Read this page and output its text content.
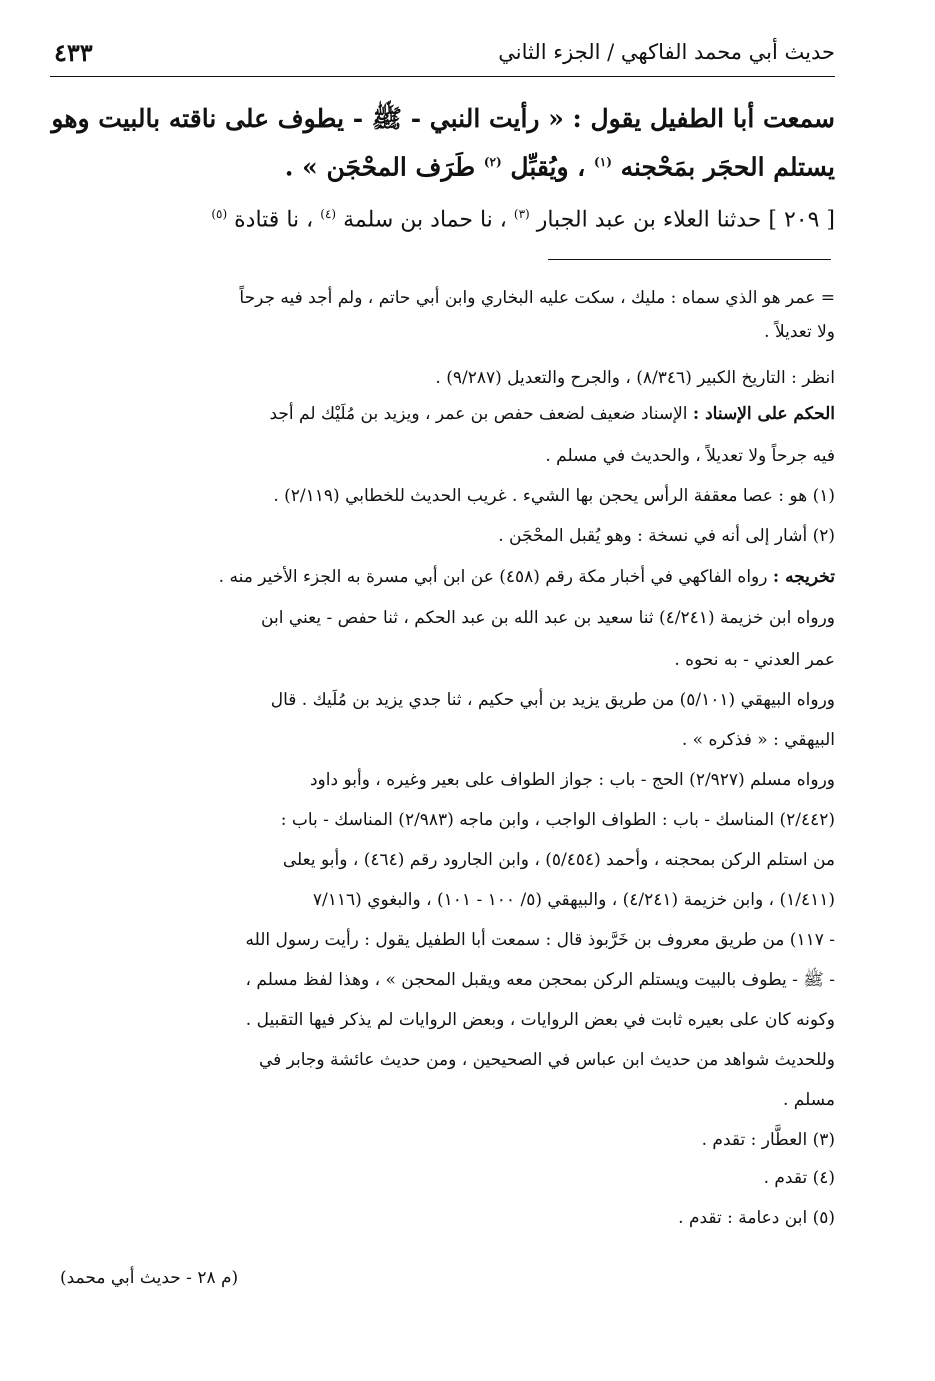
حديث أبي محمد الفاكهي / الجزء الثاني
٤٣٣
سمعت أبا الطفيل يقول : « رأيت النبي - ﷺ - يطوف على ناقته بالبيت وهو
يستلم الحجَر بمَحْجنه $^{(١)}$ ، ويُقبِّل $^{(٢)}$ طَرَف المحْجَن » .
[ ٢٠٩ ] حدثنا العلاء بن عبد الجبار $^{(٣)}$ ، نا حماد بن سلمة $^{(٤)}$ ، نا قتادة $^{(٥)}$
= عمر هو الذي سماه : مليك ، سكت عليه البخاري وابن أبي حاتم ، ولم أجد فيه جرحاً
ولا تعديلاً .
انظر : التاريخ الكبير (٨/٣٤٦) ، والجرح والتعديل (٩/٢٨٧) .
الحكم على الإسناد : الإسناد ضعيف لضعف حفص بن عمر ، ويزيد بن مُلَيْك لم أجد
فيه جرحاً ولا تعديلاً ، والحديث في مسلم .
(١) هو : عصا معقفة الرأس يحجن بها الشيء . غريب الحديث للخطابي (٢/١١٩) .
(٢) أشار إلى أنه في نسخة : وهو يُقبل المحْجَن .
تخريجه : رواه الفاكهي في أخبار مكة رقم (٤٥٨) عن ابن أبي مسرة به الجزء الأخير منه .
ورواه ابن خزيمة (٤/٢٤١) ثنا سعيد بن عبد الله بن عبد الحكم ، ثنا حفص - يعني ابن
عمر العدني - به نحوه .
ورواه البيهقي (٥/١٠١) من طريق يزيد بن أبي حكيم ، ثنا جدي يزيد بن مُلَيك . قال
البيهقي : « فذكره » .
ورواه مسلم (٢/٩٢٧) الحج - باب : جواز الطواف على بعير وغيره ، وأبو داود
(٢/٤٤٢) المناسك - باب : الطواف الواجب ، وابن ماجه (٢/٩٨٣) المناسك - باب :
من استلم الركن بمحجنه ، وأحمد (٥/٤٥٤) ، وابن الجارود رقم (٤٦٤) ، وأبو يعلى
(١/٤١١) ، وابن خزيمة (٤/٢٤١) ، والبيهقي (٥/ ١٠٠ - ١٠١) ، والبغوي (٧/١١٦
- ١١٧) من طريق معروف بن خَرَّبوذ قال : سمعت أبا الطفيل يقول : رأيت رسول الله
- ﷺ - يطوف بالبيت ويستلم الركن بمحجن معه ويقبل المحجن » ، وهذا لفظ مسلم ،
وكونه كان على بعيره ثابت في بعض الروايات ، وبعض الروايات لم يذكر فيها التقبيل .
وللحديث شواهد من حديث ابن عباس في الصحيحين ، ومن حديث عائشة وجابر في
مسلم .
(٣) العطَّار : تقدم .
(٤) تقدم .
(٥) ابن دعامة : تقدم .
(م ٢٨ - حديث أبي محمد)
